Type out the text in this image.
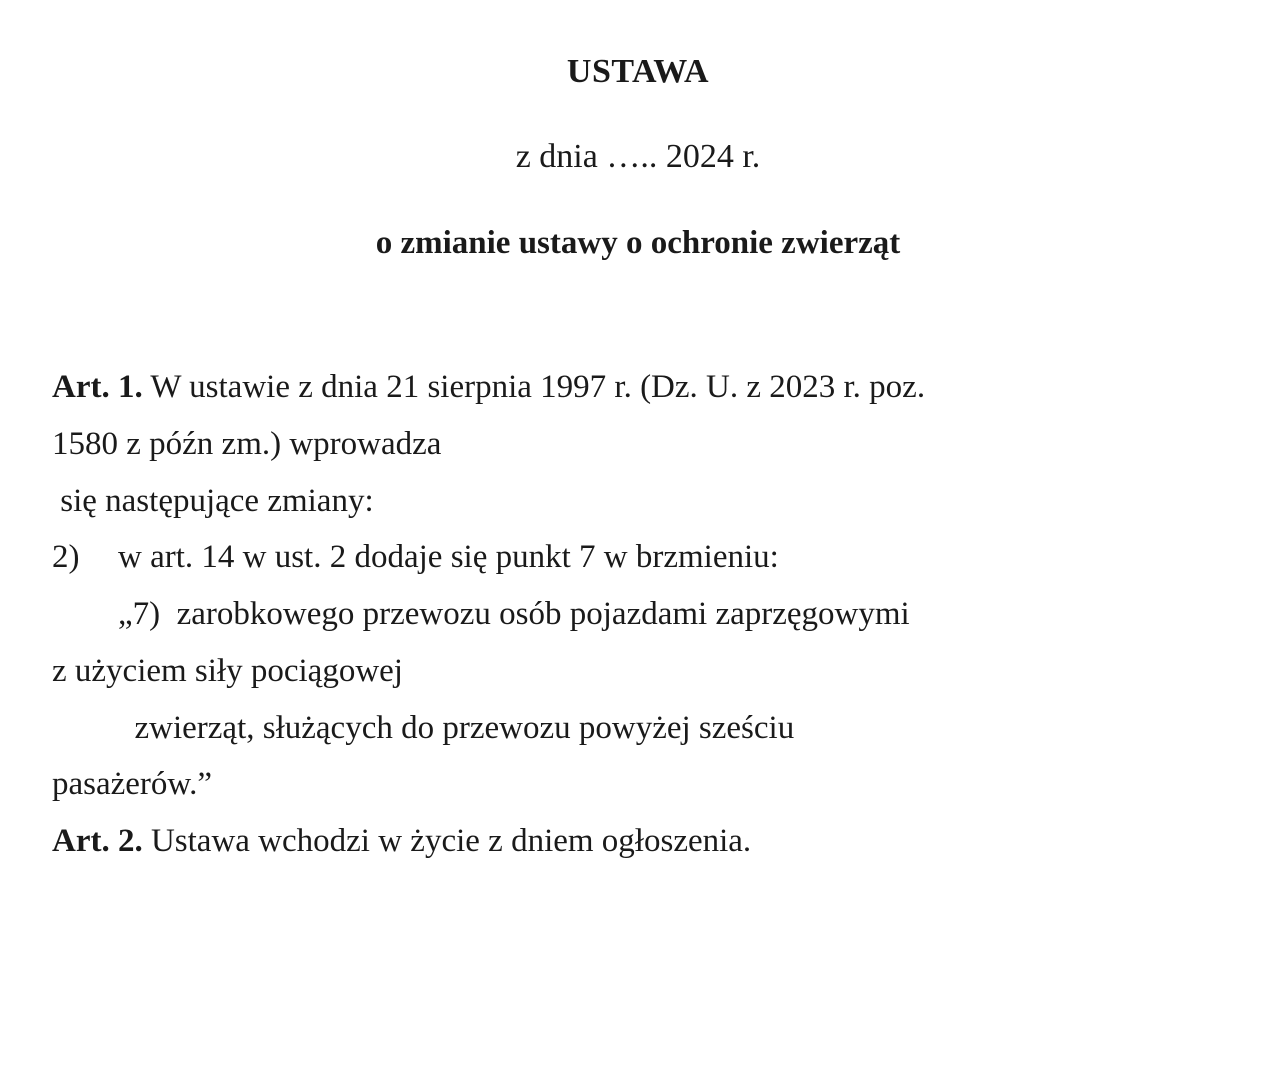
USTAWA
z dnia ….. 2024 r.
o zmianie ustawy o ochronie zwierząt

Art. 1. W ustawie z dnia 21 sierpnia 1997 r. (Dz. U. z 2023 r. poz.
1580 z późn zm.) wprowadza
się następujące zmiany:

2)	w art. 14 w ust. 2 dodaje się punkt 7 w brzmieniu:

	„7)  zarobkowego przewozu osób pojazdami zaprzęgowymi
z użyciem siły pociągowej
	zwierząt, służących do przewozu powyżej sześciu
pasażerów.”

Art. 2. Ustawa wchodzi w życie z dniem ogłoszenia.
